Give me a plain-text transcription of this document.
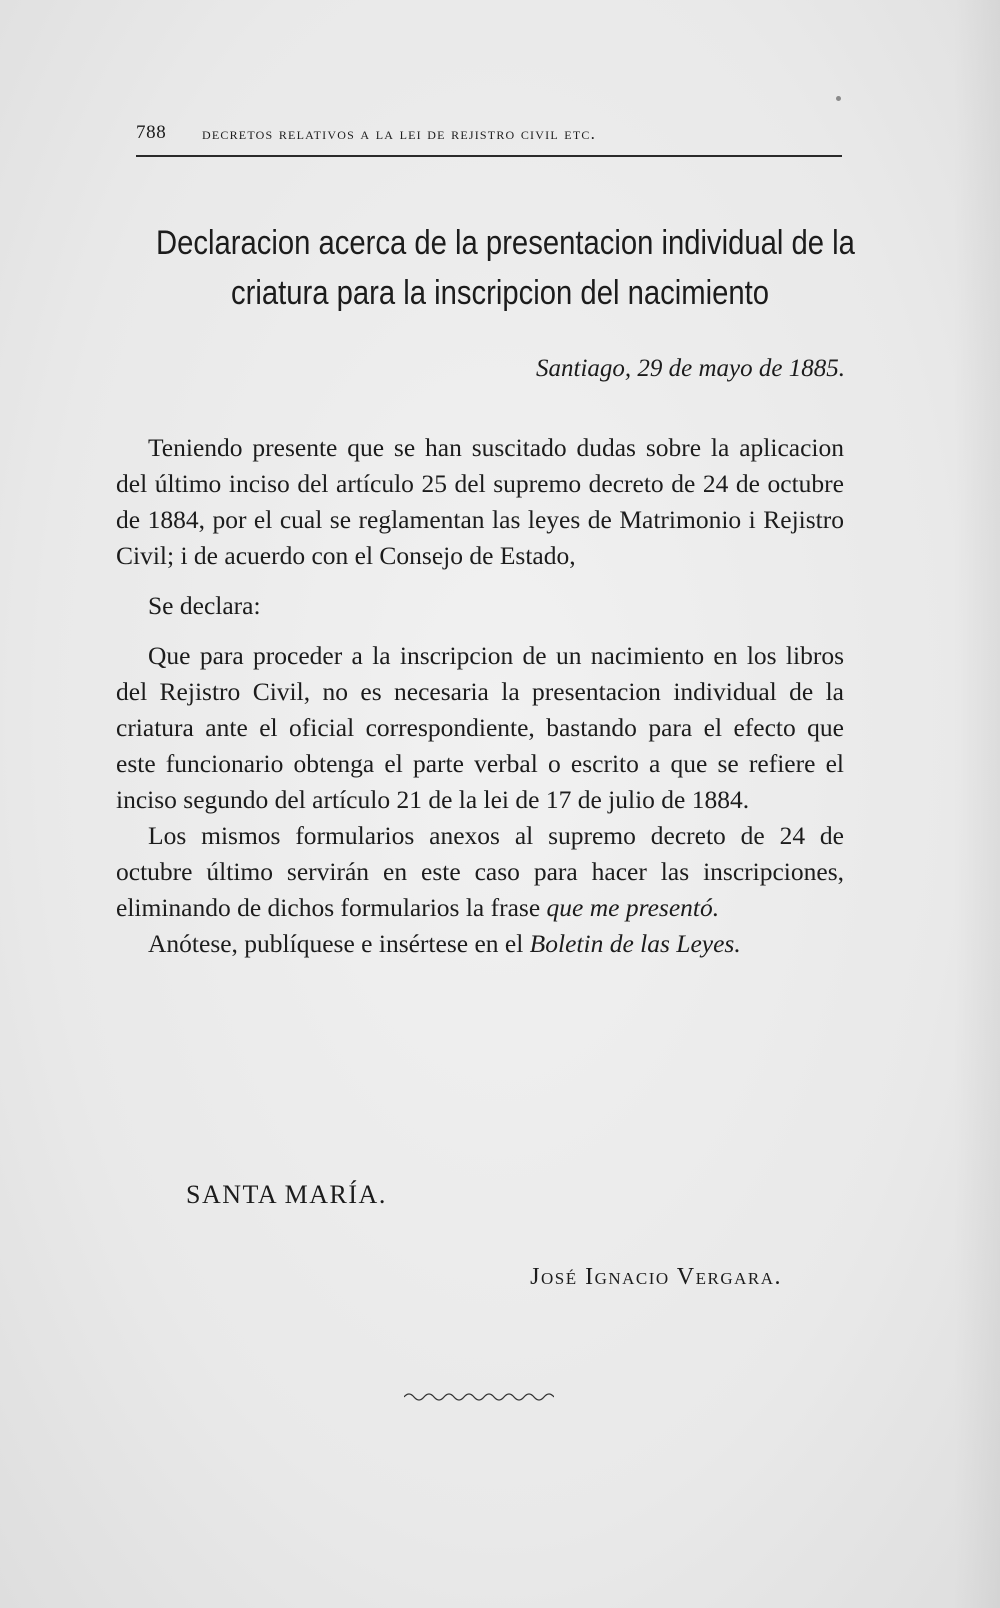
788 decretos relativos a la lei de rejistro civil etc.
Declaracion acerca de la presentacion individual de la
criatura para la inscripcion del nacimiento
Santiago, 29 de mayo de 1885.

Teniendo presente que se han suscitado dudas sobre la aplicacion del último inciso del artículo 25 del supremo decreto de 24 de octubre de 1884, por el cual se reglamentan las leyes de Matrimonio i Rejistro Civil; i de acuerdo con el Consejo de Estado,

Se declara:

Que para proceder a la inscripcion de un nacimiento en los libros del Rejistro Civil, no es necesaria la presentacion individual de la criatura ante el oficial correspondiente, bastando para el efecto que este funcionario obtenga el parte verbal o escrito a que se refiere el inciso segundo del artículo 21 de la lei de 17 de julio de 1884.

Los mismos formularios anexos al supremo decreto de 24 de octubre último servirán en este caso para hacer las inscripciones, eliminando de dichos formularios la frase que me presentó.

Anótese, publíquese e insértese en el Boletin de las Leyes.

SANTA MARÍA.
José Ignacio Vergara.
